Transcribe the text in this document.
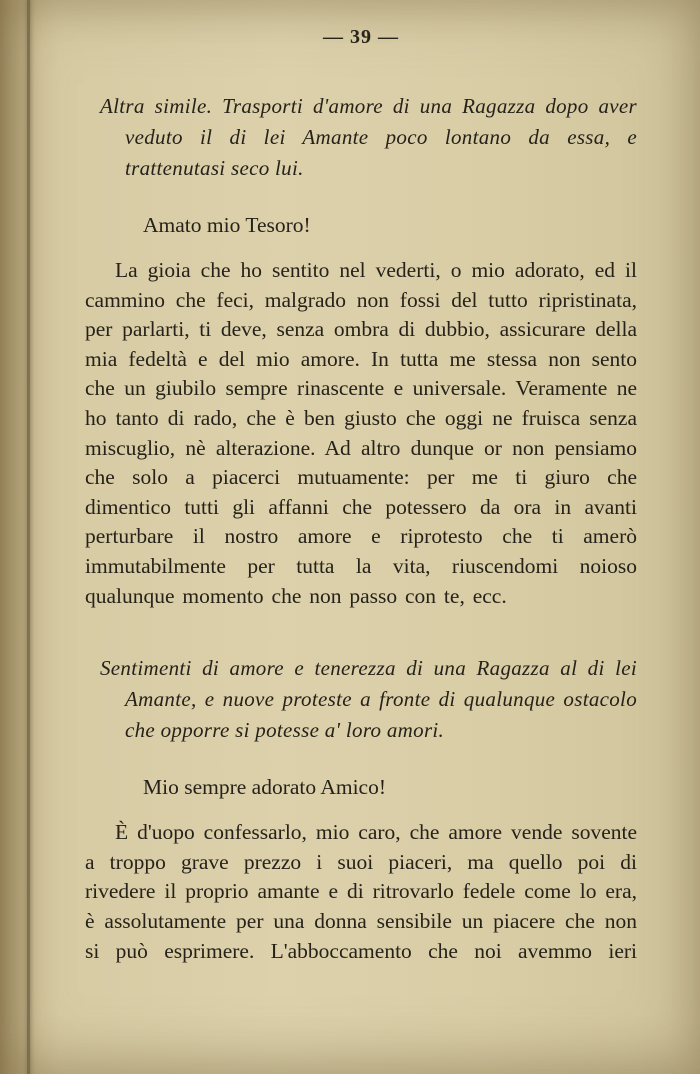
— 39 —

Altra simile. Trasporti d'amore di una Ragazza dopo aver veduto il di lei Amante poco lontano da essa, e trattenutasi seco lui.

Amato mio Tesoro!

La gioia che ho sentito nel vederti, o mio adorato, ed il cammino che feci, malgrado non fossi del tutto ripristinata, per parlarti, ti deve, senza ombra di dubbio, assicurare della mia fedeltà e del mio amore. In tutta me stessa non sento che un giubilo sempre rinascente e universale. Veramente ne ho tanto di rado, che è ben giusto che oggi ne fruisca senza miscuglio, nè alterazione. Ad altro dunque or non pensiamo che solo a piacerci mutuamente: per me ti giuro che dimentico tutti gli affanni che potessero da ora in avanti perturbare il nostro amore e riprotesto che ti amerò immutabilmente per tutta la vita, riuscendomi noioso qualunque momento che non passo con te, ecc.

Sentimenti di amore e tenerezza di una Ragazza al di lei Amante, e nuove proteste a fronte di qualunque ostacolo che opporre si potesse a' loro amori.

Mio sempre adorato Amico!

È d'uopo confessarlo, mio caro, che amore vende sovente a troppo grave prezzo i suoi piaceri, ma quello poi di rivedere il proprio amante e di ritrovarlo fedele come lo era, è assolutamente per una donna sensibile un piacere che non si può esprimere. L'abboccamento che noi avemmo ieri
